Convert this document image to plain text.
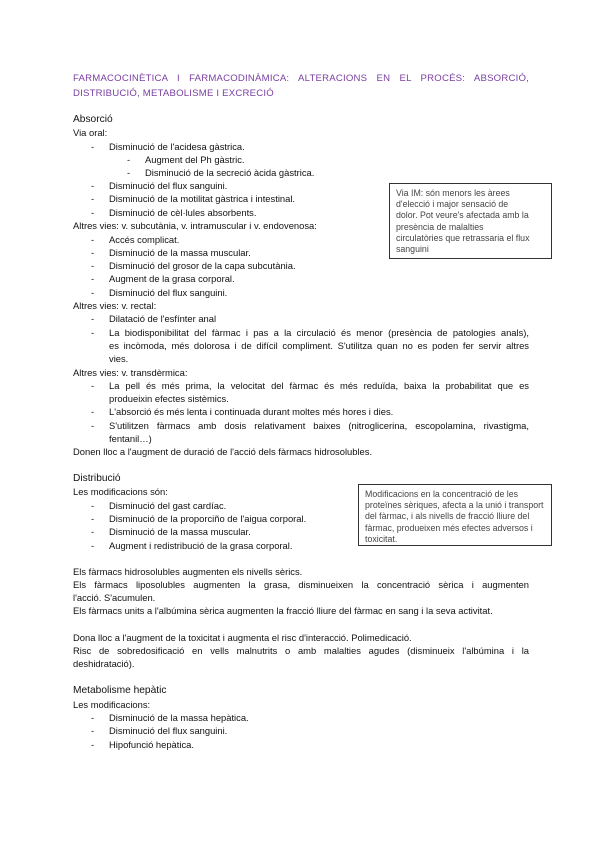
FARMACOCINÈTICA I FARMACODINÀMICA: ALTERACIONS EN EL PROCÉS: ABSORCIÓ,
DISTRIBUCIÓ, METABOLISME I EXCRECIÓ
Absorció
Via oral:
- Disminució de l'acidesa gàstrica.
- Augment del Ph gàstric.
- Disminució de la secreció àcida gàstrica.
- Disminució del flux sanguini.
- Disminució de la motilitat gàstrica i intestinal.
- Disminució de cèl·lules absorbents.
Altres vies: v. subcutània, v. intramuscular i v. endovenosa:
- Accés complicat.
- Disminució de la massa muscular.
- Disminució del grosor de la capa subcutània.
- Augment de la grasa corporal.
- Disminució del flux sanguini.
Altres vies: v. rectal:
- Dilatació de l'esfínter anal
- La biodisponibilitat del fàrmac i pas a la circulació és menor (presència de patologies anals),
es incòmoda, més dolorosa i de difícil compliment. S'utilitza quan no es poden fer servir altres
vies.
Altres vies: v. transdèrmica:
- La pell és més prima, la velocitat del fàrmac és més reduïda, baixa la probabilitat que es
produeixin efectes sistèmics.
- L'absorció és més lenta i continuada durant moltes més hores i dies.
- S'utilitzen fàrmacs amb dosis relativament baixes (nitroglicerina, escopolamina, rivastigma,
fentanil…)
Donen lloc a l'augment de duració de l'acció dels fàrmacs hidrosolubles.
Via IM: són menors les àrees
d'elecció i major sensació de
dolor. Pot veure's afectada amb la
presència de malalties
circulatòries que retrassaria el flux
sanguini
Distribució
Les modificacions són:
- Disminució del gast cardíac.
- Disminució de la proporciño de l'aigua corporal.
- Disminució de la massa muscular.
- Augment i redistribució de la grasa corporal.
Modificacions en la concentració de les
proteïnes sèriques, afecta a la unió i transport
del fàrmac, i als nivells de fracció lliure del
fàrmac, produeixen més efectes adversos i
toxicitat.
Els fàrmacs hidrosolubles augmenten els nivells sèrics.
Els fàrmacs liposolubles augmenten la grasa, disminueixen la concentració sèrica i augmenten
l'acció. S'acumulen.
Els fàrmacs units a l'albúmina sèrica augmenten la fracció lliure del fàrmac en sang i la seva activitat.
Dona lloc a l'augment de la toxicitat i augmenta el risc d'interacció. Polimedicació.
Risc de sobredosificació en vells malnutrits o amb malalties agudes (disminueix l'albúmina i la
deshidratació).
Metabolisme hepàtic
Les modificacions:
- Disminució de la massa hepàtica.
- Disminució del flux sanguini.
- Hipofunció hepàtica.
